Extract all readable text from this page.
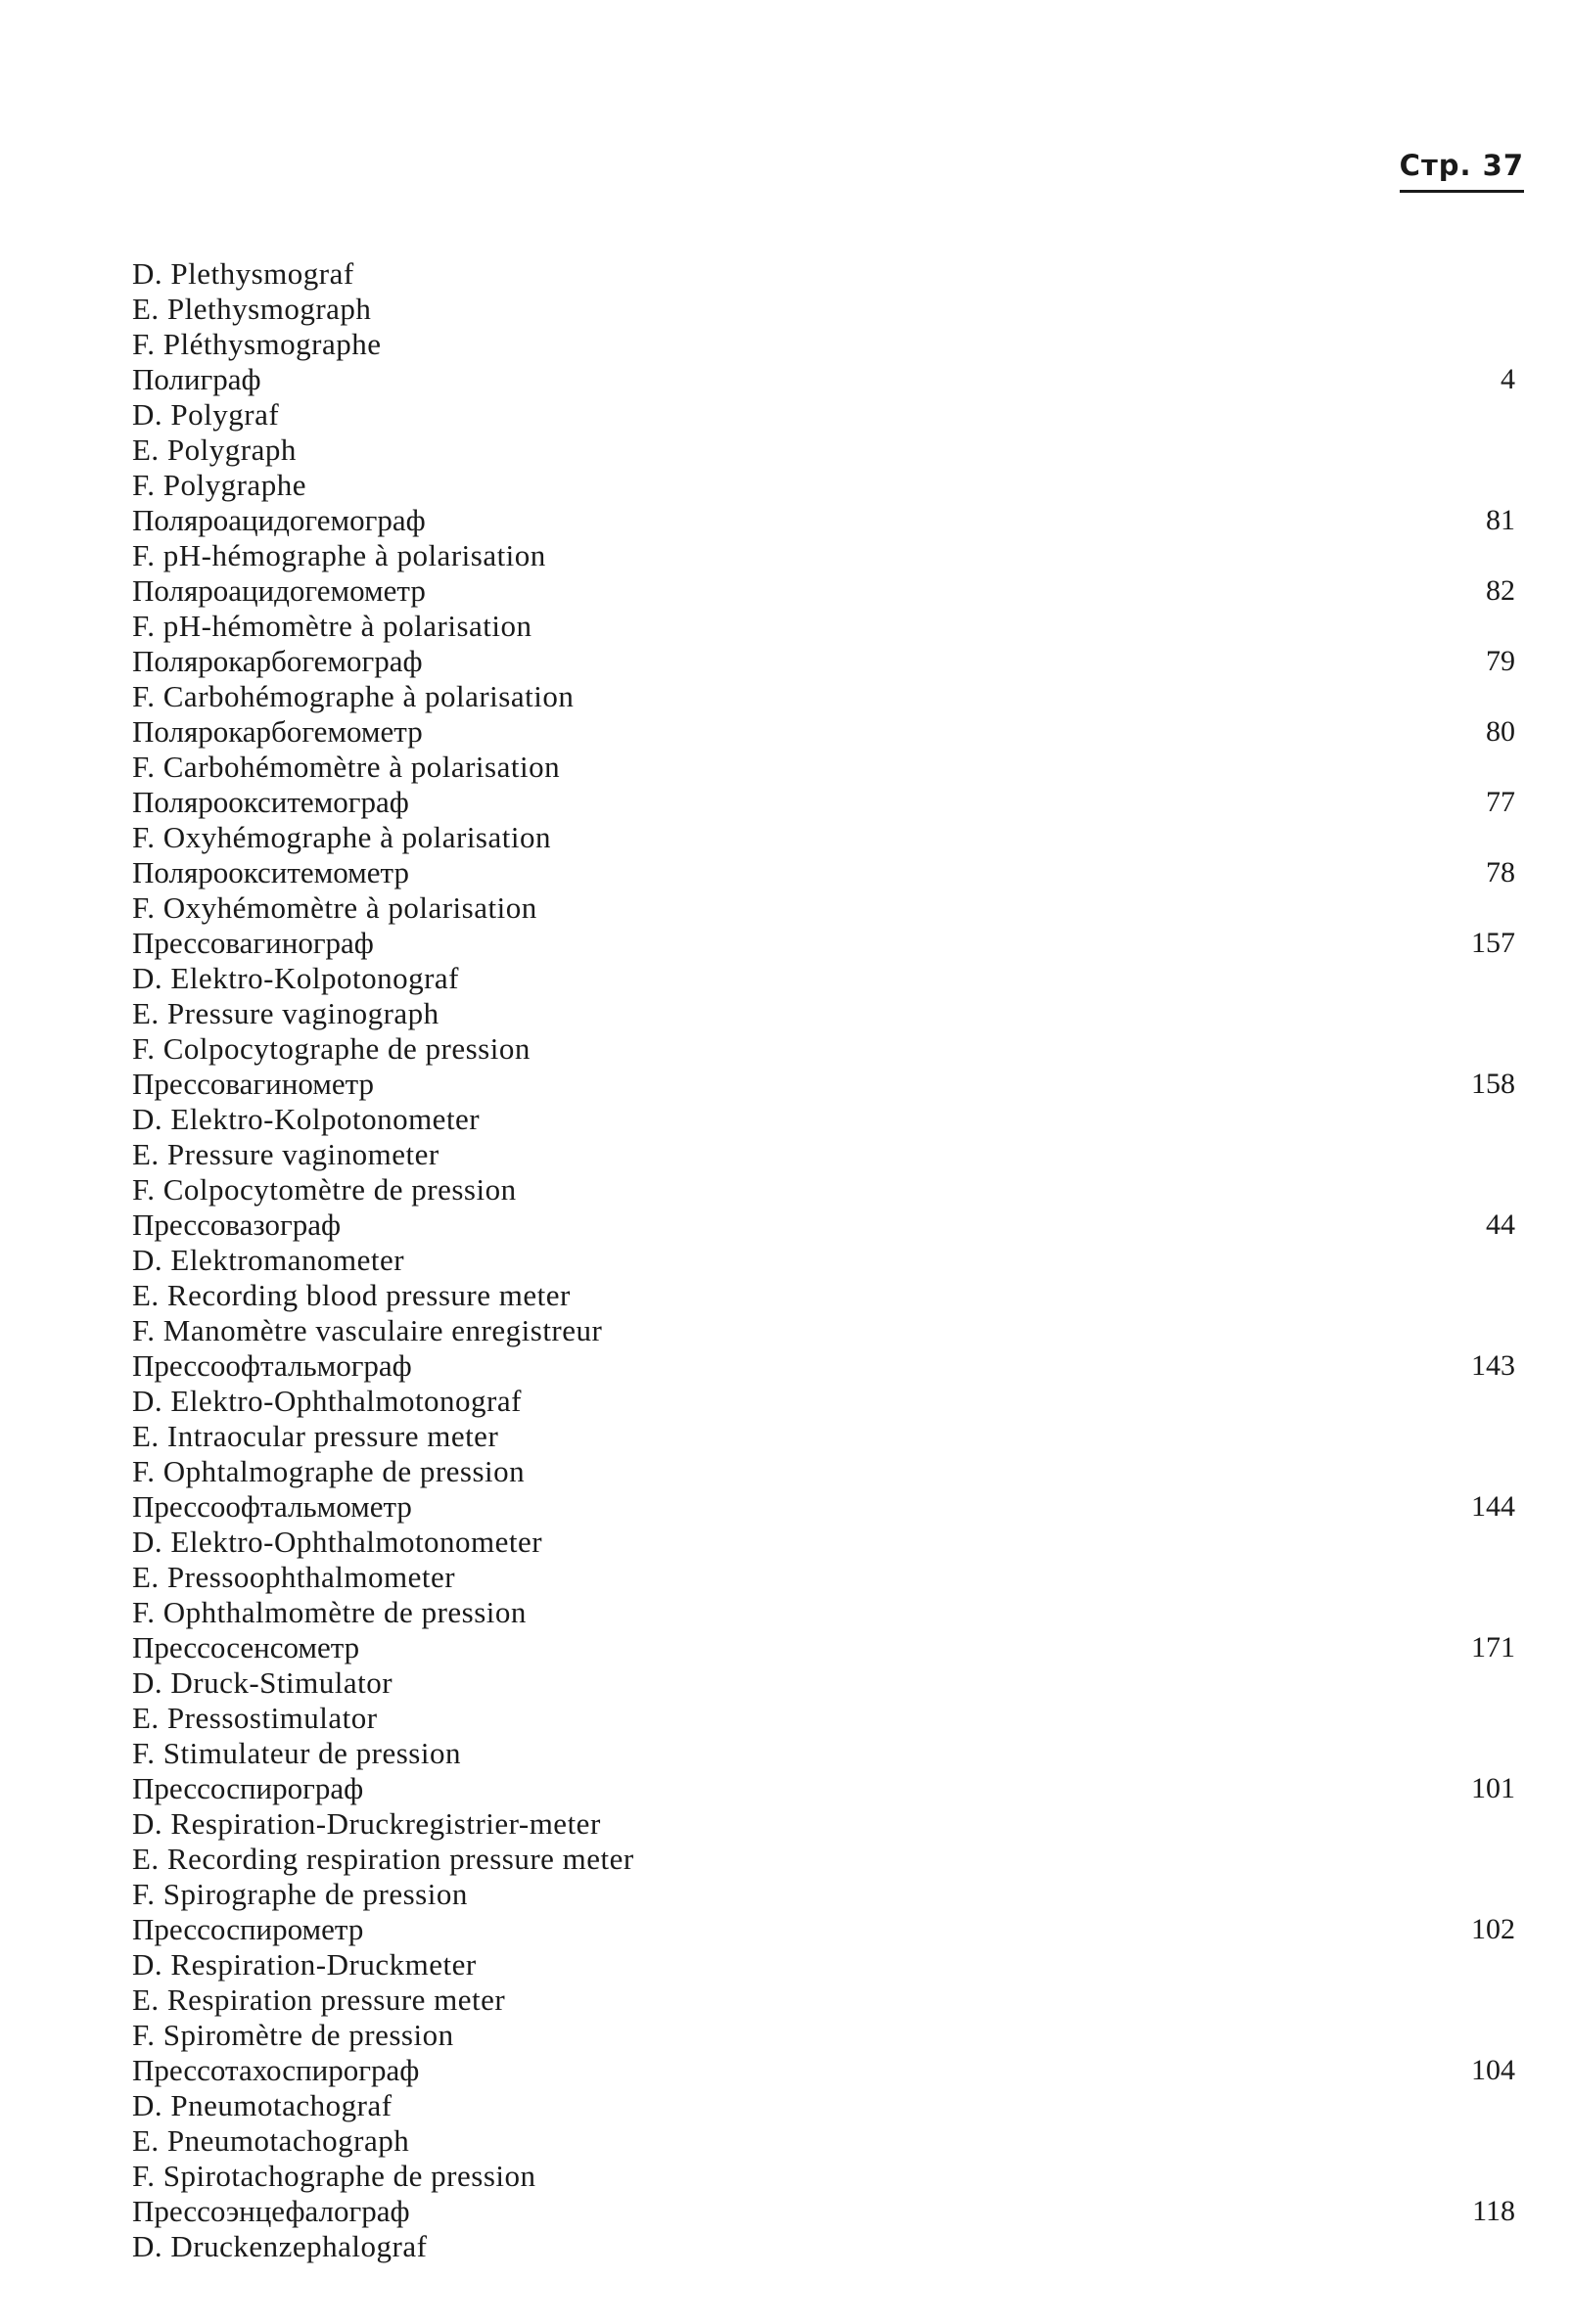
Стр. 37
D. Plethysmograf
E. Plethysmograph
F. Pléthysmographe
Полиграф	4
D. Polygraf
E. Polygraph
F. Polygraphe
Поляроацидогемограф	81
F. pH-hémographe à polarisation
Поляроацидогемометр	82
F. pH-hémomètre à polarisation
Полярокарбогемограф	79
F. Carbohémographe à polarisation
Полярокарбогемометр	80
F. Carbohémomètre à polarisation
Поляроокситемограф	77
F. Oxyhémographe à polarisation
Поляроокситемометр	78
F. Oxyhémomètre à polarisation
Прессовагинограф	157
D. Elektro-Kolpotonograf
E. Pressure vaginograph
F. Colpocytographe de pression
Прессовагинометр	158
D. Elektro-Kolpotonometer
E. Pressure vaginometer
F. Colpocytomètre de pression
Прессовазограф	44
D. Elektromanometer
E. Recording blood pressure meter
F. Manomètre vasculaire enregistreur
Прессоофтальмограф	143
D. Elektro-Ophthalmotonograf
E. Intraocular pressure meter
F. Ophtalmographe de pression
Прессоофтальмометр	144
D. Elektro-Ophthalmotonometer
E. Pressoophthalmometer
F. Ophthalmomètre de pression
Прессосенсометр	171
D. Druck-Stimulator
E. Pressostimulator
F. Stimulateur de pression
Прессоспирограф	101
D. Respiration-Druckregistrier-meter
E. Recording respiration pressure meter
F. Spirographe de pression
Прессоспирометр	102
D. Respiration-Druckmeter
E. Respiration pressure meter
F. Spiromètre de pression
Прессотахоспирограф	104
D. Pneumotachograf
E. Pneumotachograph
F. Spirotachographe de pression
Прессоэнцефалограф	118
D. Druckenzephalograf
